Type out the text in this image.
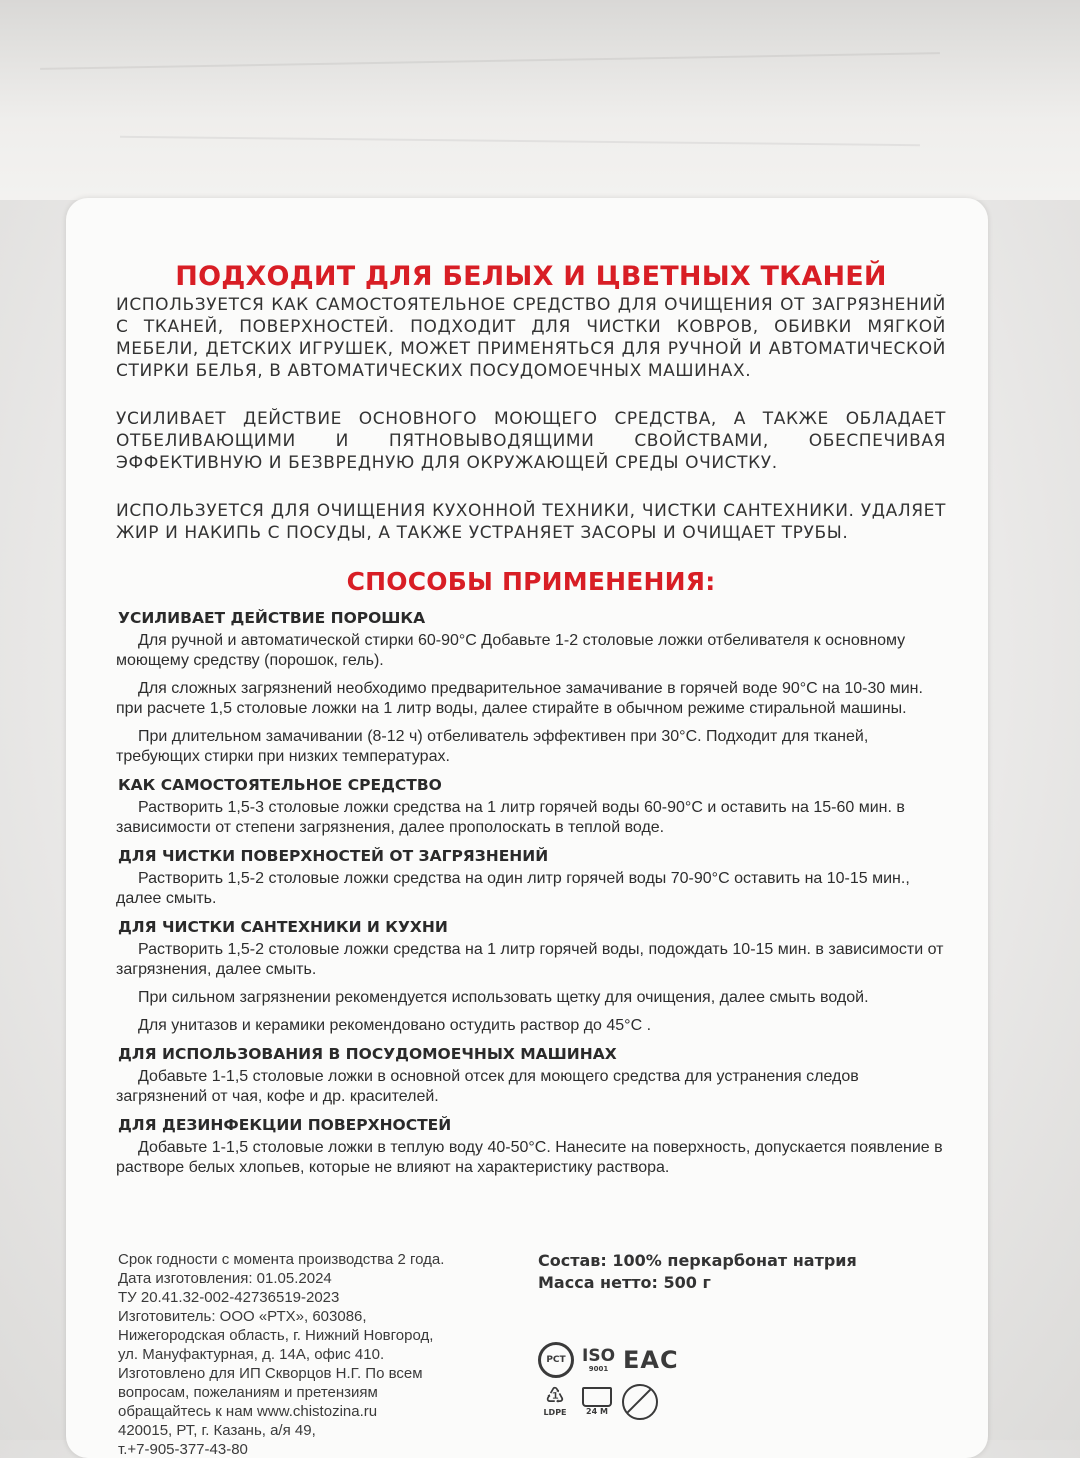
ПОДХОДИТ ДЛЯ БЕЛЫХ И ЦВЕТНЫХ ТКАНЕЙ

ИСПОЛЬЗУЕТСЯ КАК САМОСТОЯТЕЛЬНОЕ СРЕДСТВО ДЛЯ ОЧИЩЕНИЯ ОТ ЗАГРЯЗНЕНИЙ С ТКАНЕЙ, ПОВЕРХНОСТЕЙ. ПОДХОДИТ ДЛЯ ЧИСТКИ КОВРОВ, ОБИВКИ МЯГКОЙ МЕБЕЛИ, ДЕТСКИХ ИГРУШЕК, МОЖЕТ ПРИМЕНЯТЬСЯ ДЛЯ РУЧНОЙ И АВТОМАТИЧЕСКОЙ СТИРКИ БЕЛЬЯ, В АВТОМАТИЧЕСКИХ ПОСУДОМОЕЧНЫХ МАШИНАХ.

УСИЛИВАЕТ ДЕЙСТВИЕ ОСНОВНОГО МОЮЩЕГО СРЕДСТВА, А ТАКЖЕ ОБЛАДАЕТ ОТБЕЛИВАЮЩИМИ И ПЯТНОВЫВОДЯЩИМИ СВОЙСТВАМИ, ОБЕСПЕЧИВАЯ ЭФФЕКТИВНУЮ И БЕЗВРЕДНУЮ ДЛЯ ОКРУЖАЮЩЕЙ СРЕДЫ ОЧИСТКУ.

ИСПОЛЬЗУЕТСЯ ДЛЯ ОЧИЩЕНИЯ КУХОННОЙ ТЕХНИКИ, ЧИСТКИ САНТЕХНИКИ. УДАЛЯЕТ ЖИР И НАКИПЬ С ПОСУДЫ, А ТАКЖЕ УСТРАНЯЕТ ЗАСОРЫ И ОЧИЩАЕТ ТРУБЫ.

СПОСОБЫ ПРИМЕНЕНИЯ:
УСИЛИВАЕТ ДЕЙСТВИЕ ПОРОШКА

Для ручной и автоматической стирки 60-90°С Добавьте 1-2 столовые ложки отбеливателя к основному моющему средству (порошок, гель).

Для сложных загрязнений необходимо предварительное замачивание в горячей воде 90°С на 10-30 мин. при расчете 1,5 столовые ложки на 1 литр воды, далее стирайте в обычном режиме стиральной машины.

При длительном замачивании (8-12 ч) отбеливатель эффективен при 30°С. Подходит для тканей, требующих стирки при низких температурах.

КАК САМОСТОЯТЕЛЬНОЕ СРЕДСТВО

Растворить 1,5-3 столовые ложки средства на 1 литр горячей воды 60-90°С и оставить на 15-60 мин. в зависимости от степени загрязнения, далее прополоскать в теплой воде.

ДЛЯ ЧИСТКИ ПОВЕРХНОСТЕЙ ОТ ЗАГРЯЗНЕНИЙ

Растворить 1,5-2 столовые ложки средства на один литр горячей воды 70-90°С оставить на 10-15 мин., далее смыть.

ДЛЯ ЧИСТКИ САНТЕХНИКИ И КУХНИ

Растворить 1,5-2 столовые ложки средства на 1 литр горячей воды, подождать 10-15 мин. в зависимости от загрязнения, далее смыть.

При сильном загрязнении рекомендуется использовать щетку для очищения, далее смыть водой.

Для унитазов и керамики рекомендовано остудить раствор до 45°С .

ДЛЯ ИСПОЛЬЗОВАНИЯ В ПОСУДОМОЕЧНЫХ МАШИНАХ

Добавьте 1-1,5 столовые ложки в основной отсек для моющего средства для устранения следов загрязнений от чая, кофе и др. красителей.

ДЛЯ ДЕЗИНФЕКЦИИ ПОВЕРХНОСТЕЙ

Добавьте 1-1,5 столовые ложки в теплую воду 40-50°С. Нанесите на поверхность, допускается появление в растворе белых хлопьев, которые не влияют на характеристику раствора.

Срок годности с момента производства 2 года.
Дата изготовления: 01.05.2024
ТУ 20.41.32-002-42736519-2023
Изготовитель: ООО «РТХ», 603086,
Нижегородская область, г. Нижний Новгород,
ул. Мануфактурная, д. 14А, офис 410.
Изготовлено для ИП Скворцов Н.Г. По всем
вопросам, пожеланиям и претензиям
обращайтесь к нам www.chistozina.ru
420015, РТ, г. Казань, а/я 49,
т.+7-905-377-43-80
Состав: 100% перкарбонат натрия
Масса нетто: 500 г
РСТ ISO
9001 ЕАС
♳
LDPE 24 M
